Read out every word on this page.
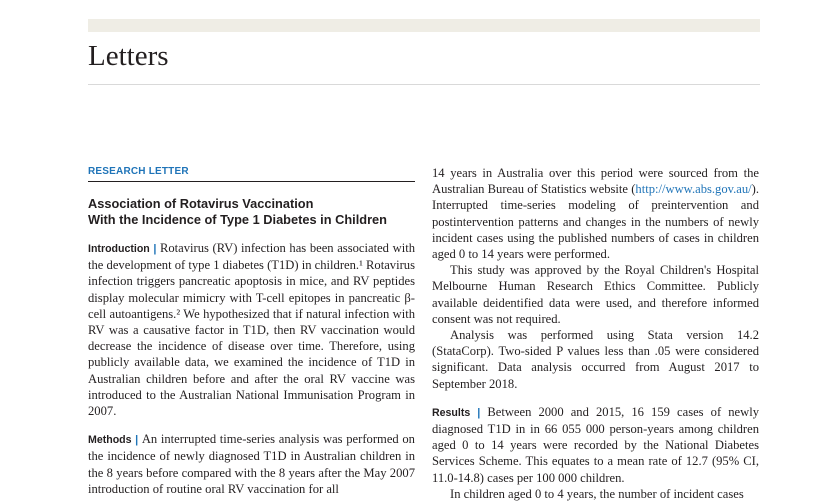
Letters
RESEARCH LETTER
Association of Rotavirus Vaccination
With the Incidence of Type 1 Diabetes in Children

Introduction | Rotavirus (RV) infection has been associated with the development of type 1 diabetes (T1D) in children.¹ Rotavirus infection triggers pancreatic apoptosis in mice, and RV peptides display molecular mimicry with T-cell epitopes in pancreatic β-cell autoantigens.² We hypothesized that if natural infection with RV was a causative factor in T1D, then RV vaccination would decrease the incidence of disease over time. Therefore, using publicly available data, we examined the incidence of T1D in Australian children before and after the oral RV vaccine was introduced to the Australian National Immunisation Program in 2007.

Methods | An interrupted time-series analysis was performed on the incidence of newly diagnosed T1D in Australian children in the 8 years before compared with the 8 years after the May 2007 introduction of routine oral RV vaccination for all

14 years in Australia over this period were sourced from the Australian Bureau of Statistics website (http://www.abs.gov.au/). Interrupted time-series modeling of preintervention and postintervention patterns and changes in the numbers of newly incident cases using the published numbers of cases in children aged 0 to 14 years were performed.

This study was approved by the Royal Children's Hospital Melbourne Human Research Ethics Committee. Publicly available deidentified data were used, and therefore informed consent was not required.

Analysis was performed using Stata version 14.2 (StataCorp). Two-sided P values less than .05 were considered significant. Data analysis occurred from August 2017 to September 2018.

Results | Between 2000 and 2015, 16 159 cases of newly diagnosed T1D in in 66 055 000 person-years among children aged 0 to 14 years were recorded by the National Diabetes Services Scheme. This equates to a mean rate of 12.7 (95% CI, 11.0-14.8) cases per 100 000 children.

In children aged 0 to 4 years, the number of incident cases
